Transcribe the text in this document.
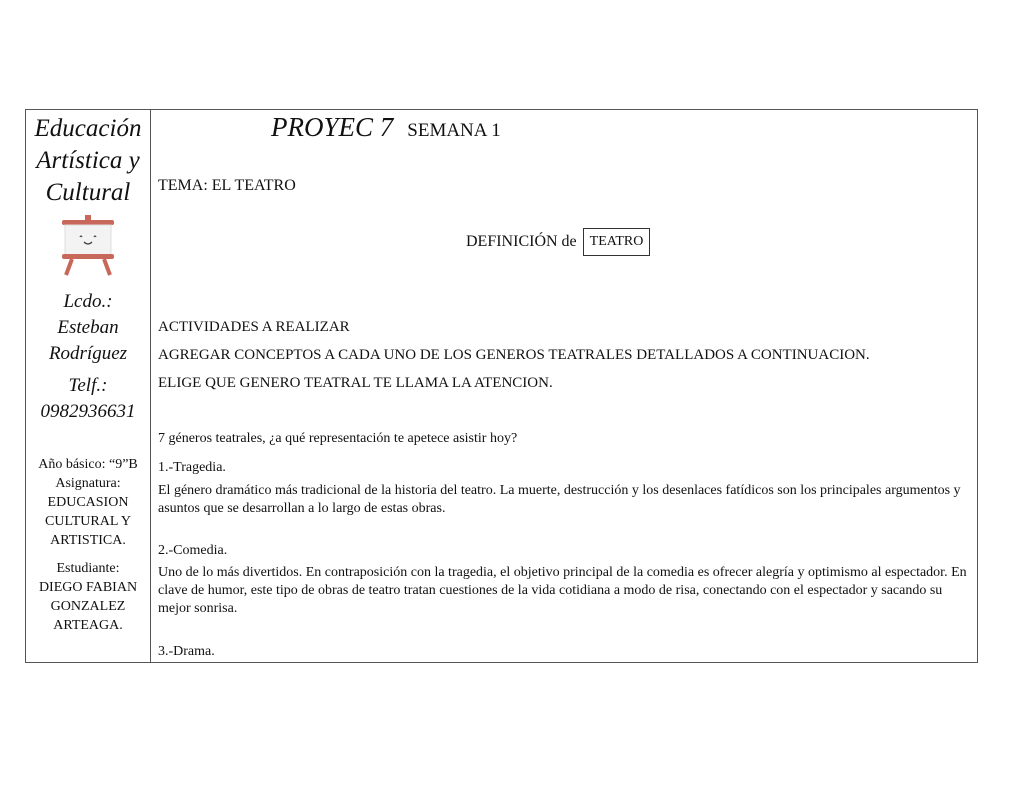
Educación Artística y Cultural
Lcdo.:
Esteban
Rodríguez
Telf.:
0982936631
Año básico: “9”B
Asignatura:
EDUCASION CULTURAL Y ARTISTICA.
Estudiante:
DIEGO FABIAN GONZALEZ ARTEAGA.
PROYEC 7 SEMANA 1
TEMA: EL TEATRO
DEFINICIÓN de TEATRO
ACTIVIDADES A REALIZAR
AGREGAR CONCEPTOS A CADA UNO DE LOS GENEROS TEATRALES DETALLADOS A CONTINUACION.
ELIGE QUE GENERO TEATRAL TE LLAMA LA ATENCION.
7 géneros teatrales, ¿a qué representación te apetece asistir hoy?
1.-Tragedia.
El género dramático más tradicional de la historia del teatro. La muerte, destrucción y los desenlaces fatídicos son los principales argumentos y asuntos que se desarrollan a lo largo de estas obras.
2.-Comedia.
Uno de lo más divertidos. En contraposición con la tragedia, el objetivo principal de la comedia es ofrecer alegría y optimismo al espectador. En clave de humor, este tipo de obras de teatro tratan cuestiones de la vida cotidiana a modo de risa, conectando con el espectador y sacando su mejor sonrisa.
3.-Drama.
